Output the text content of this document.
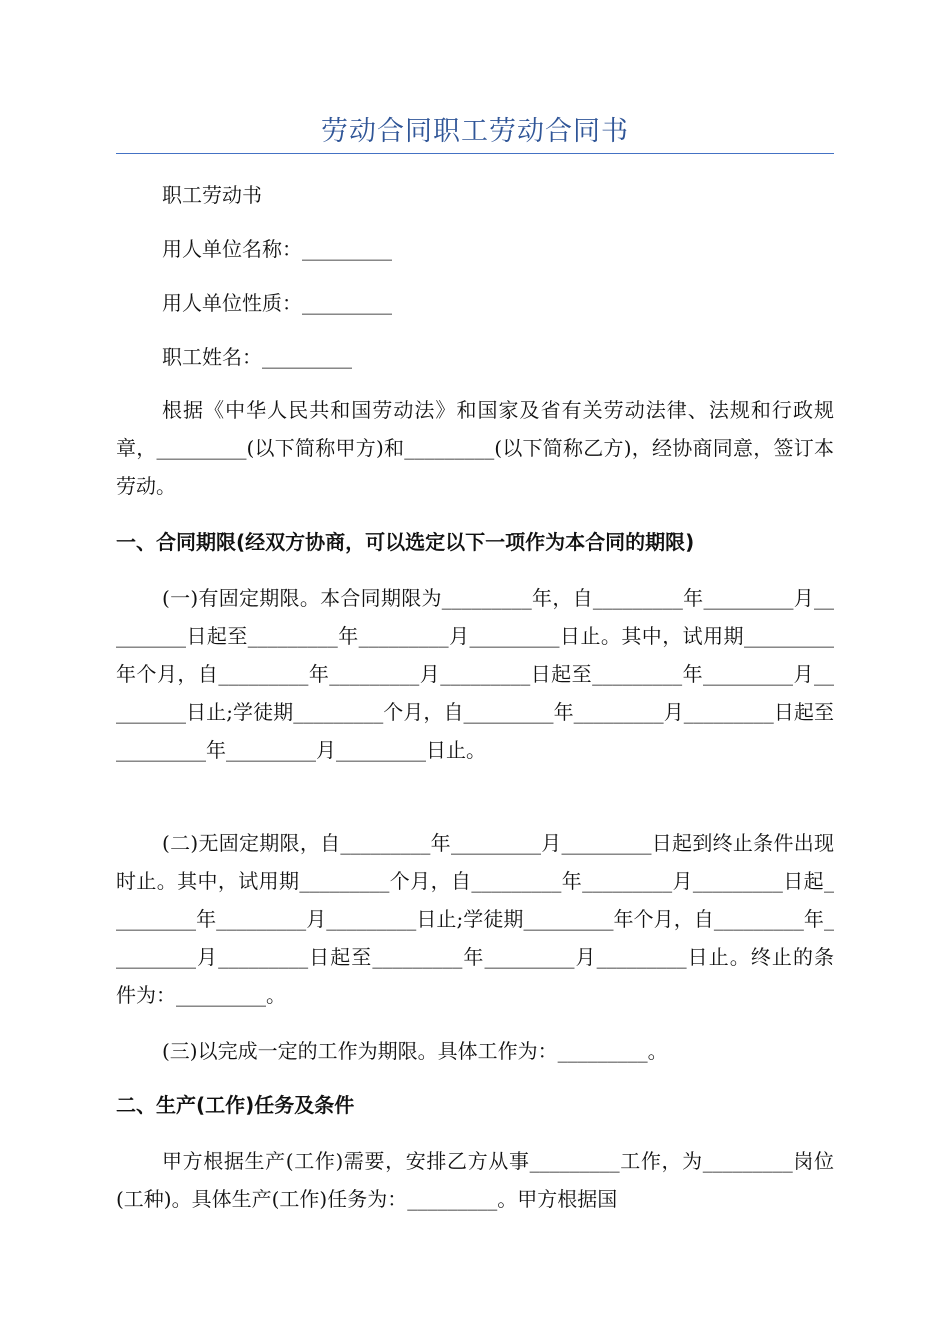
劳动合同职工劳动合同书

职工劳动书

用人单位名称：_________

用人单位性质：_________

职工姓名：_________

根据《中华人民共和国劳动法》和国家及省有关劳动法律、法规和行政规章，_________(以下简称甲方)和_________(以下简称乙方)，经协商同意，签订本劳动。

一、合同期限(经双方协商，可以选定以下一项作为本合同的期限)

(一)有固定期限。本合同期限为_________年，自_________年_________月_________日起至_________年_________月_________日止。其中，试用期_________年个月，自_________年_________月_________日起至_________年_________月_________日止;学徒期_________个月，自_________年_________月_________日起至_________年_________月_________日止。

(二)无固定期限，自_________年_________月_________日起到终止条件出现时止。其中，试用期_________个月，自_________年_________月_________日起_________年_________月_________日止;学徒期_________年个月，自_________年_________月_________日起至_________年_________月_________日止。终止的条件为：_________。

(三)以完成一定的工作为期限。具体工作为：_________。

二、生产(工作)任务及条件

甲方根据生产(工作)需要，安排乙方从事_________工作，为_________岗位(工种)。具体生产(工作)任务为：_________。甲方根据国
